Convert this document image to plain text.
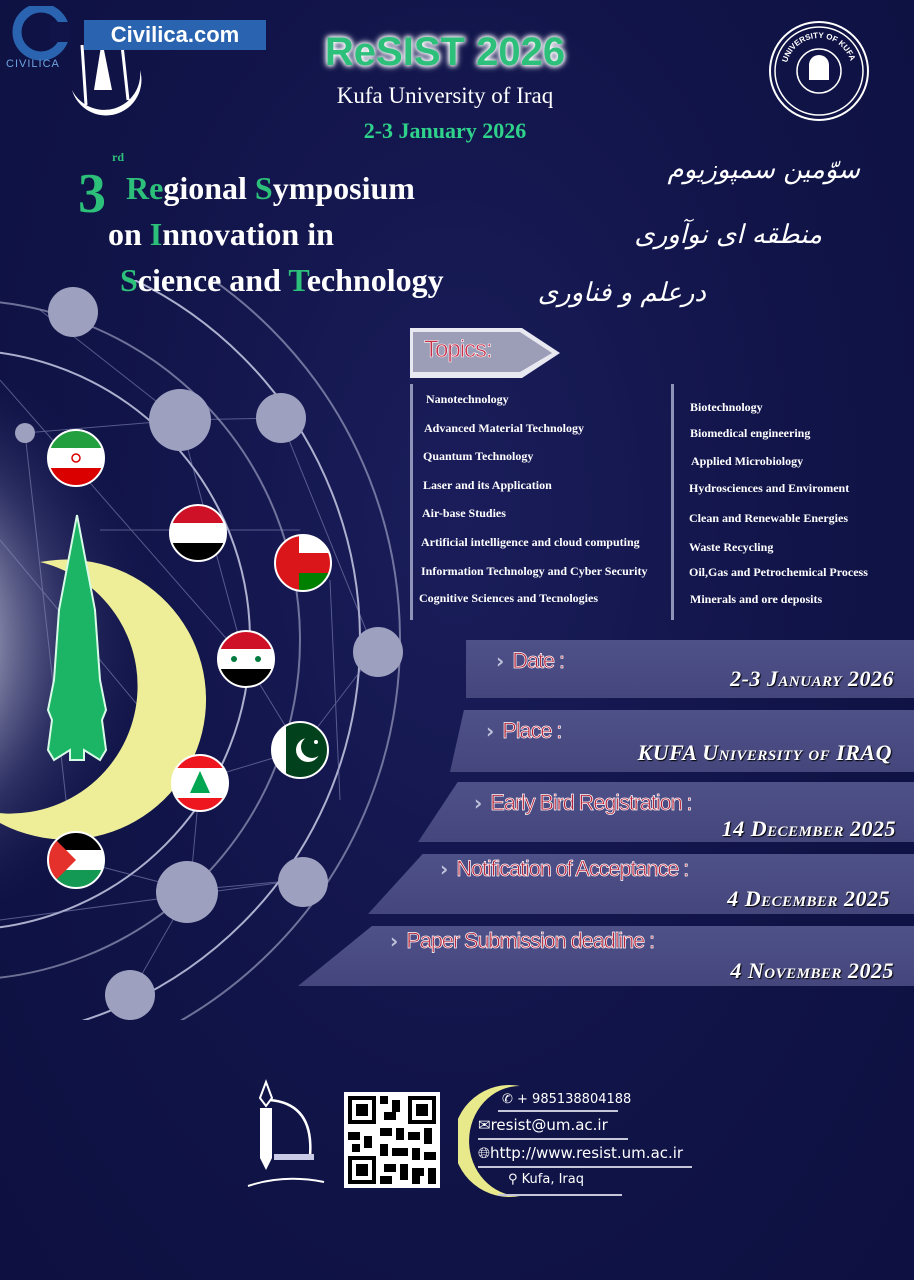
CIVILICA
Civilica.com	ReSIST 2026
Kufa University of Iraq
2-3 January 2026
UNIVERSITY OF KUFA
3
rd
Regional Symposium
on Innovation in
Science and Technology
سوّمین سمپوزیوم
منطقه ای نوآوری
درعلم و فناوری
Topics:
Nanotechnology
Advanced Material Technology
Quantum Technology
Laser and its Application
Air-base Studies
Artificial intelligence and cloud computing
Information Technology and Cyber Security
Cognitive Sciences and Tecnologies
Biotechnology
Biomedical engineering
Applied Microbiology
Hydrosciences and Enviroment
Clean and Renewable Energies
Waste Recycling
Oil,Gas and Petrochemical Process
Minerals and ore deposits
› Date :
2-3 January 2026
› Place :
KUFA University of IRAQ
› Early Bird Registration :
14 December 2025
› Notification of Acceptance :
4 December 2025
› Paper Submission deadline :
4 November 2025
✆ + 985138804188
✉resist@um.ac.ir
🌐︎http://www.resist.um.ac.ir
⚲ Kufa, Iraq
